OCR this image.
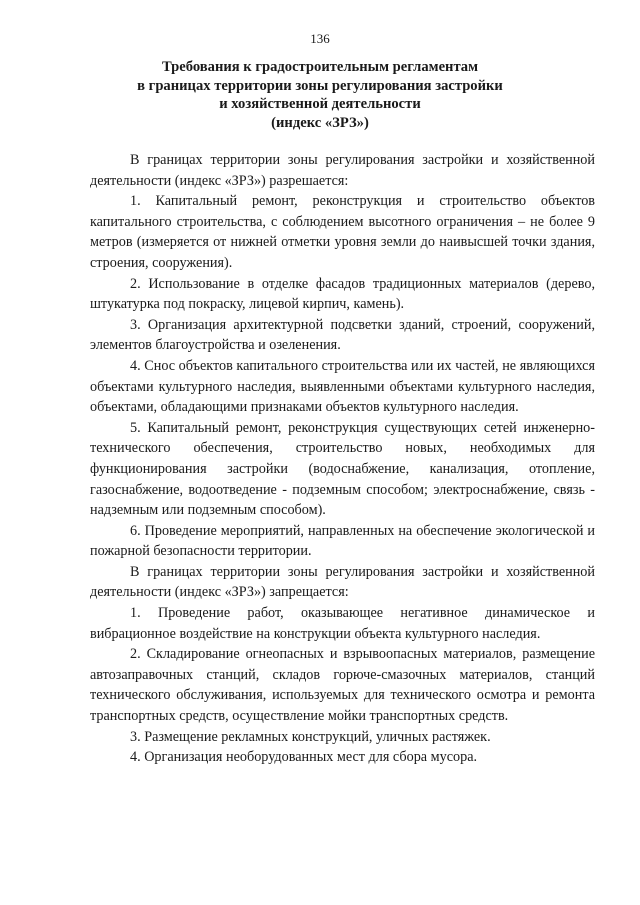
136
Требования к градостроительным регламентам
в границах территории зоны регулирования застройки
и хозяйственной деятельности
(индекс «ЗРЗ»)

В границах территории зоны регулирования застройки и хозяйственной деятельности (индекс «ЗРЗ») разрешается:

1. Капитальный ремонт, реконструкция и строительство объектов капитального строительства, с соблюдением высотного ограничения – не более 9 метров (измеряется от нижней отметки уровня земли до наивысшей точки здания, строения, сооружения).

2. Использование в отделке фасадов традиционных материалов (дерево, штукатурка под покраску, лицевой кирпич, камень).

3. Организация архитектурной подсветки зданий, строений, сооружений, элементов благоустройства и озеленения.

4. Снос объектов капитального строительства или их частей, не являющихся объектами культурного наследия, выявленными объектами культурного наследия, объектами, обладающими признаками объектов культурного наследия.

5. Капитальный ремонт, реконструкция существующих сетей инженерно-технического обеспечения, строительство новых, необходимых для функционирования застройки (водоснабжение, канализация, отопление, газоснабжение, водоотведение - подземным способом; электроснабжение, связь - надземным или подземным способом).

6. Проведение мероприятий, направленных на обеспечение экологической и пожарной безопасности территории.

В границах территории зоны регулирования застройки и хозяйственной деятельности (индекс «ЗРЗ») запрещается:

1. Проведение работ, оказывающее негативное динамическое и вибрационное воздействие на конструкции объекта культурного наследия.

2. Складирование огнеопасных и взрывоопасных материалов, размещение автозаправочных станций, складов горюче-смазочных материалов, станций технического обслуживания, используемых для технического осмотра и ремонта транспортных средств, осуществление мойки транспортных средств.

3. Размещение рекламных конструкций, уличных растяжек.

4. Организация необорудованных мест для сбора мусора.
